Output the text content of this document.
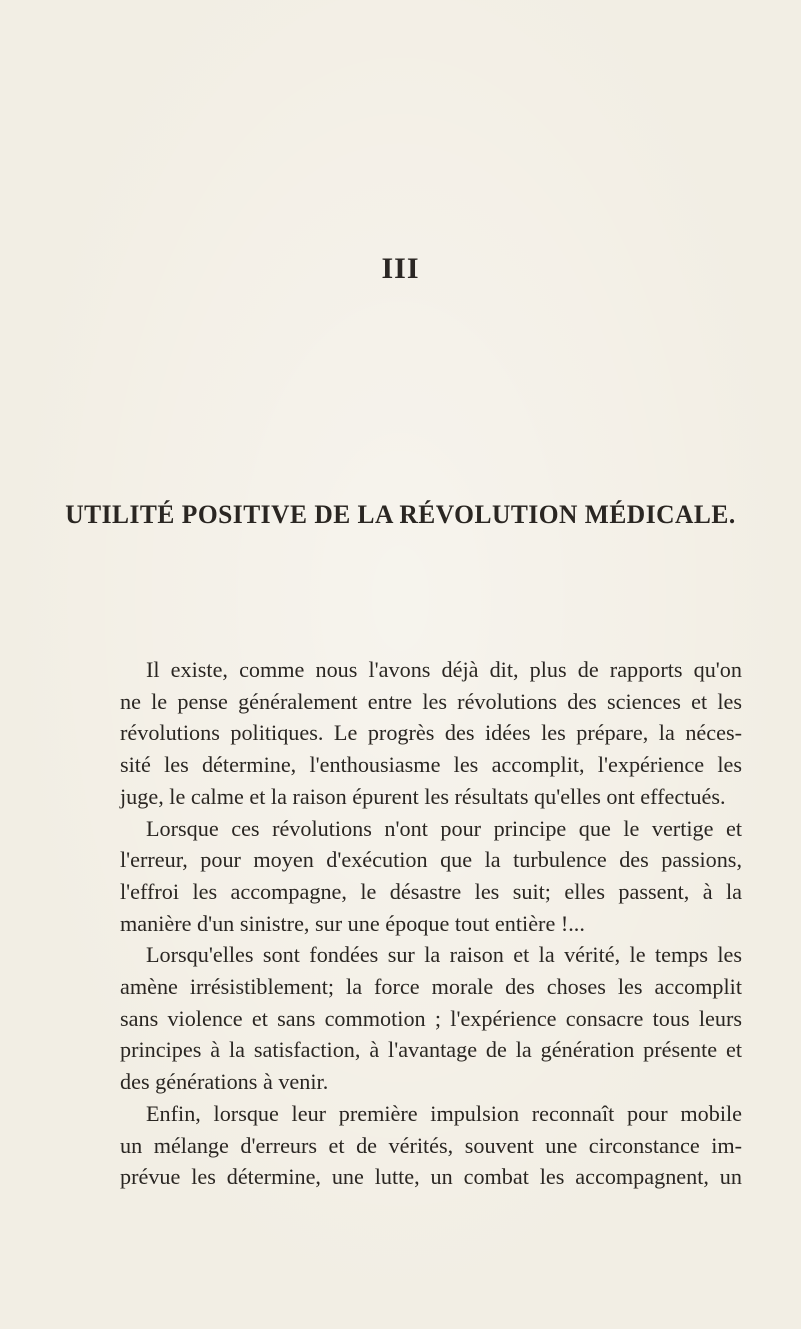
III
UTILITÉ POSITIVE DE LA RÉVOLUTION MÉDICALE.
Il existe, comme nous l'avons déjà dit, plus de rapports qu'on
ne le pense généralement entre les révolutions des sciences et les
révolutions politiques. Le progrès des idées les prépare, la néces-
sité les détermine, l'enthousiasme les accomplit, l'expérience les
juge, le calme et la raison épurent les résultats qu'elles ont effectués.
Lorsque ces révolutions n'ont pour principe que le vertige et
l'erreur, pour moyen d'exécution que la turbulence des passions,
l'effroi les accompagne, le désastre les suit; elles passent, à la
manière d'un sinistre, sur une époque tout entière !...
Lorsqu'elles sont fondées sur la raison et la vérité, le temps les
amène irrésistiblement; la force morale des choses les accomplit
sans violence et sans commotion ; l'expérience consacre tous leurs
principes à la satisfaction, à l'avantage de la génération présente et
des générations à venir.
Enfin, lorsque leur première impulsion reconnaît pour mobile
un mélange d'erreurs et de vérités, souvent une circonstance im-
prévue les détermine, une lutte, un combat les accompagnent, un
